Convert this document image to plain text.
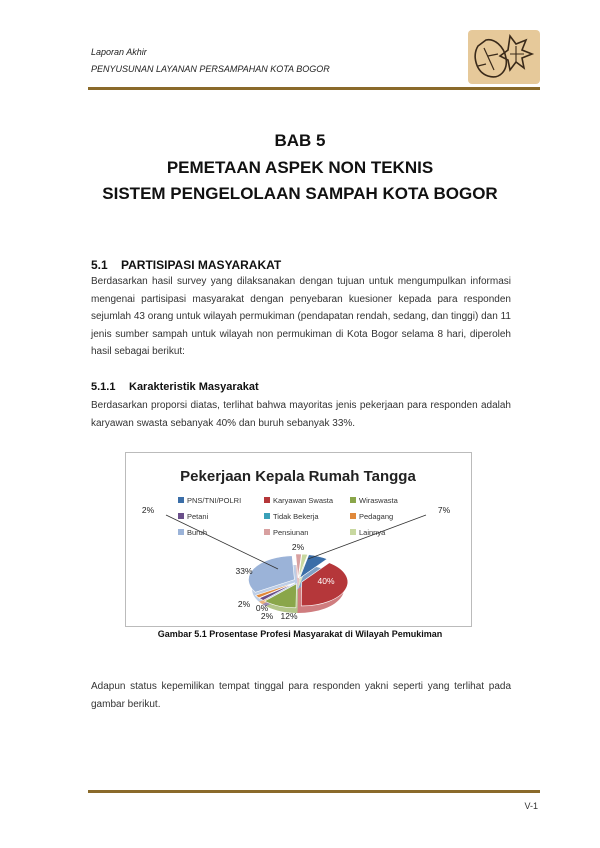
Laporan Akhir
PENYUSUNAN LAYANAN PERSAMPAHAN KOTA BOGOR
BAB 5
PEMETAAN ASPEK NON TEKNIS
SISTEM PENGELOLAAN SAMPAH KOTA BOGOR
5.1 PARTISIPASI MASYARAKAT
Berdasarkan hasil survey yang dilaksanakan dengan tujuan untuk mengumpulkan informasi mengenai partisipasi masyarakat dengan penyebaran kuesioner kepada para responden sejumlah 43 orang untuk wilayah permukiman (pendapatan rendah, sedang, dan tinggi) dan 11 jenis sumber sampah untuk wilayah non permukiman di Kota Bogor selama 8 hari, diperoleh hasil sebagai berikut:
5.1.1 Karakteristik Masyarakat
Berdasarkan proporsi diatas, terlihat bahwa mayoritas jenis pekerjaan para responden adalah karyawan swasta sebanyak 40% dan buruh sebanyak 33%.
Pekerjaan Kepala Rumah Tangga
PNS/TNI/POLRI	Karyawan Swasta	Wiraswasta
Petani	Tidak Bekerja	Pedagang
Buruh	Pensiunan	Lainnya
7%
40%
12%
2%
0%
2%
33%
2%
2%
Gambar 5.1 Prosentase Profesi Masyarakat di Wilayah Pemukiman
Adapun status kepemilikan tempat tinggal para responden yakni seperti yang terlihat pada gambar berikut.
V-1
